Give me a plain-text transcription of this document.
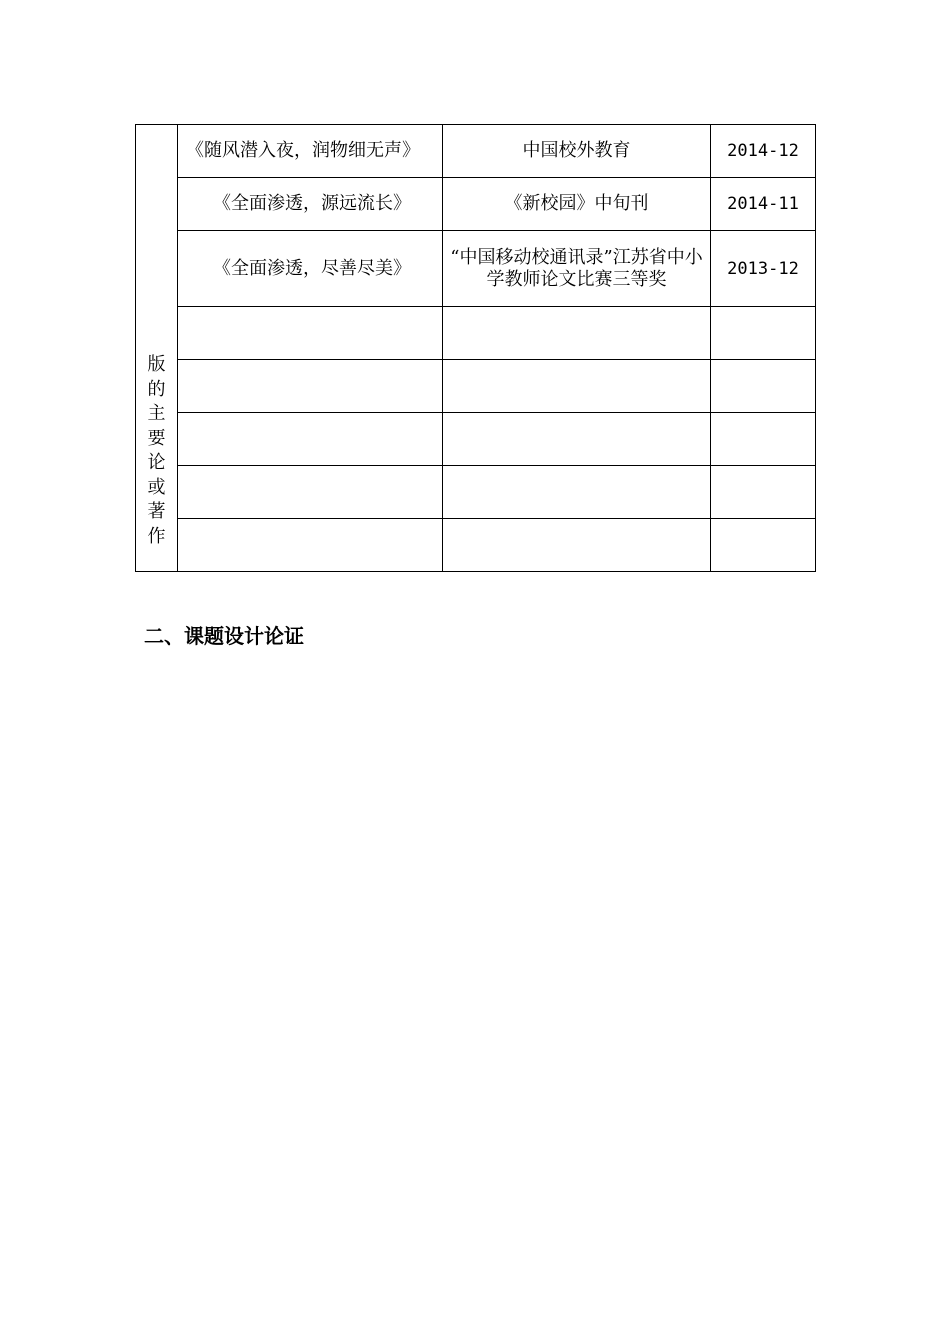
版的主要论或著作	《随风潜入夜，润物细无声》	中国校外教育	2014-12
	《全面渗透，源远流长》	《新校园》中旬刊	2014-11
	《全面渗透，尽善尽美》	“中国移动校通讯录”江苏省中小学教师论文比赛三等奖	2013-12

二、课题设计论证
